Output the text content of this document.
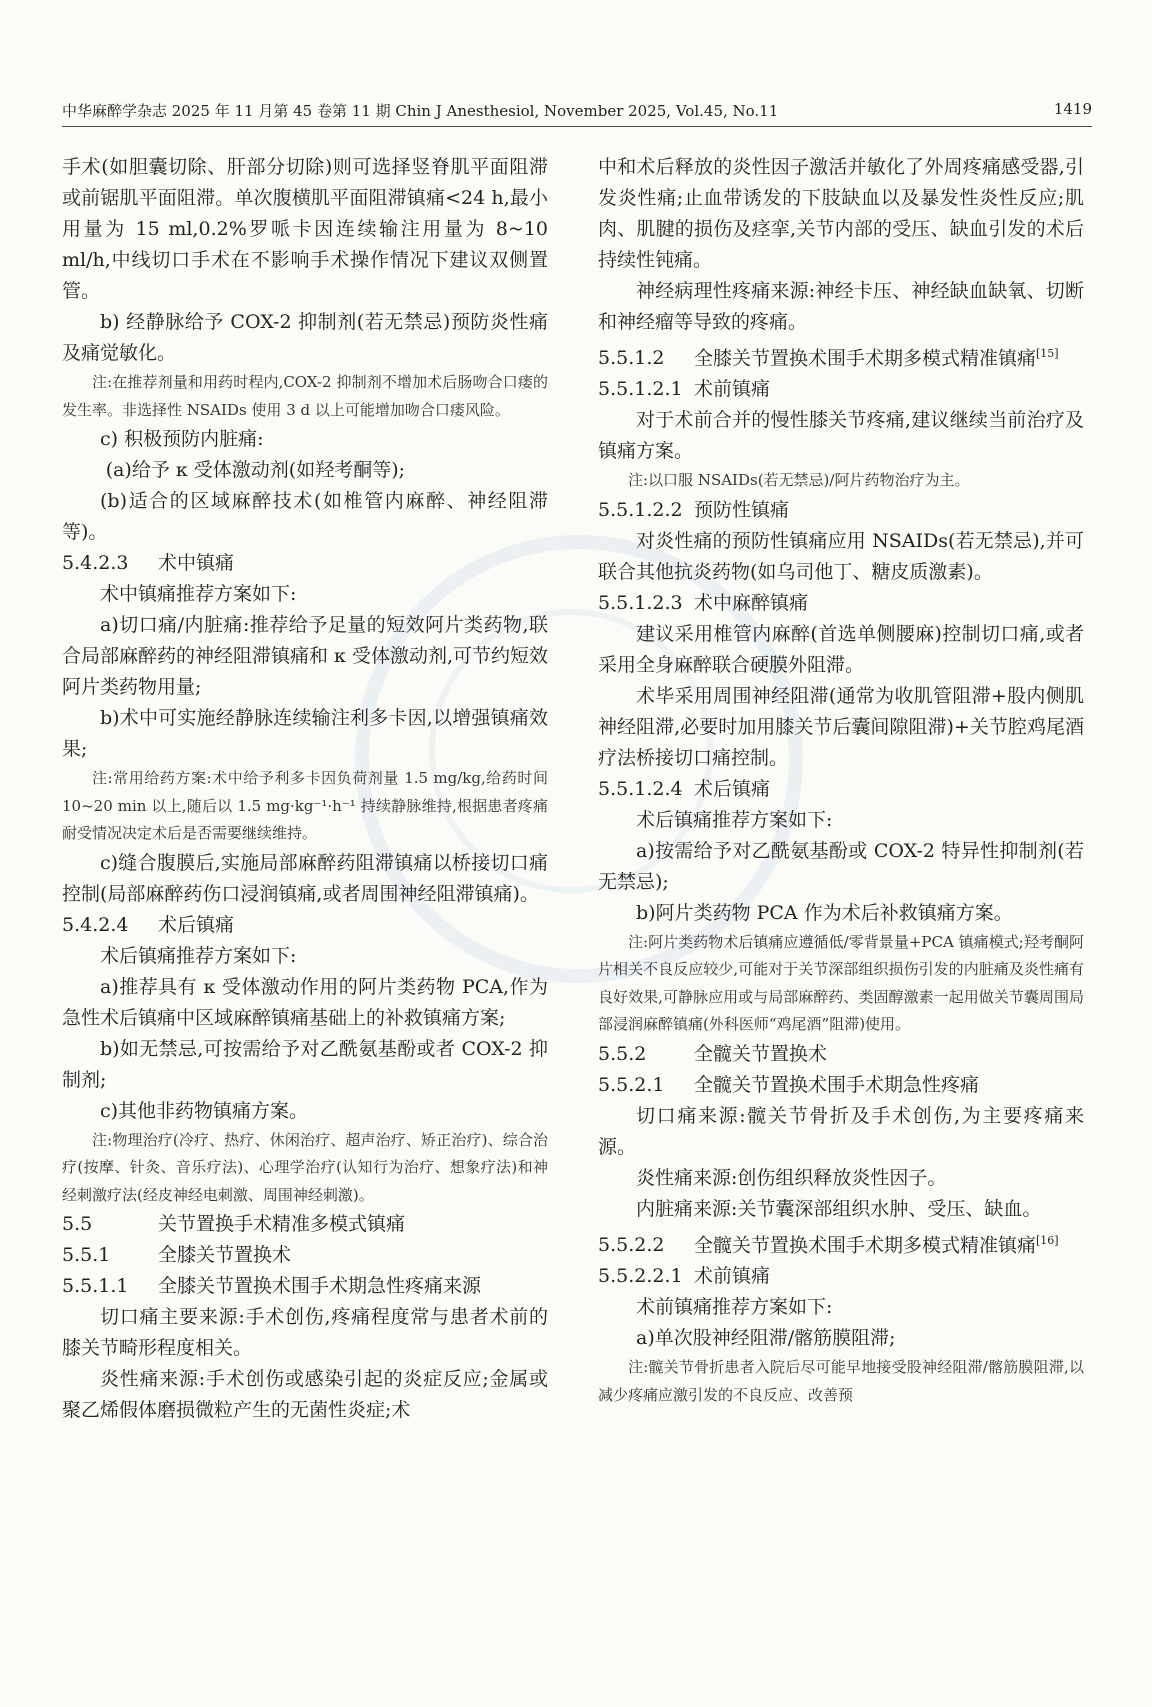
中华麻醉学杂志 2025 年 11 月第 45 卷第 11 期 Chin J Anesthesiol, November 2025, Vol.45, No.11	1419

手术(如胆囊切除、肝部分切除)则可选择竖脊肌平面阻滞或前锯肌平面阻滞。单次腹横肌平面阻滞镇痛<24 h,最小用量为 15 ml,0.2%罗哌卡因连续输注用量为 8~10 ml/h,中线切口手术在不影响手术操作情况下建议双侧置管。

b) 经静脉给予 COX-2 抑制剂(若无禁忌)预防炎性痛及痛觉敏化。

注:在推荐剂量和用药时程内,COX-2 抑制剂不增加术后肠吻合口瘘的发生率。非选择性 NSAIDs 使用 3 d 以上可能增加吻合口瘘风险。

c) 积极预防内脏痛:

(a)给予 κ 受体激动剂(如羟考酮等);

(b)适合的区域麻醉技术(如椎管内麻醉、神经阻滞等)。

5.4.2.3 术中镇痛

术中镇痛推荐方案如下:

a)切口痛/内脏痛:推荐给予足量的短效阿片类药物,联合局部麻醉药的神经阻滞镇痛和 κ 受体激动剂,可节约短效阿片类药物用量;

b)术中可实施经静脉连续输注利多卡因,以增强镇痛效果;

注:常用给药方案:术中给予利多卡因负荷剂量 1.5 mg/kg,给药时间 10~20 min 以上,随后以 1.5 mg·kg⁻¹·h⁻¹ 持续静脉维持,根据患者疼痛耐受情况决定术后是否需要继续维持。

c)缝合腹膜后,实施局部麻醉药阻滞镇痛以桥接切口痛控制(局部麻醉药伤口浸润镇痛,或者周围神经阻滞镇痛)。

5.4.2.4 术后镇痛

术后镇痛推荐方案如下:

a)推荐具有 κ 受体激动作用的阿片类药物 PCA,作为急性术后镇痛中区域麻醉镇痛基础上的补救镇痛方案;

b)如无禁忌,可按需给予对乙酰氨基酚或者 COX-2 抑制剂;

c)其他非药物镇痛方案。

注:物理治疗(冷疗、热疗、休闲治疗、超声治疗、矫正治疗)、综合治疗(按摩、针灸、音乐疗法)、心理学治疗(认知行为治疗、想象疗法)和神经刺激疗法(经皮神经电刺激、周围神经刺激)。

5.5	关节置换手术精准多模式镇痛

5.5.1	全膝关节置换术

5.5.1.1 全膝关节置换术围手术期急性疼痛来源

切口痛主要来源:手术创伤,疼痛程度常与患者术前的膝关节畸形程度相关。

炎性痛来源:手术创伤或感染引起的炎症反应;金属或聚乙烯假体磨损微粒产生的无菌性炎症;术

中和术后释放的炎性因子激活并敏化了外周疼痛感受器,引发炎性痛;止血带诱发的下肢缺血以及暴发性炎性反应;肌肉、肌腱的损伤及痉挛,关节内部的受压、缺血引发的术后持续性钝痛。

神经病理性疼痛来源:神经卡压、神经缺血缺氧、切断和神经瘤等导致的疼痛。

5.5.1.2 全膝关节置换术围手术期多模式精准镇痛[15]

5.5.1.2.1 术前镇痛

对于术前合并的慢性膝关节疼痛,建议继续当前治疗及镇痛方案。

注:以口服 NSAIDs(若无禁忌)/阿片药物治疗为主。

5.5.1.2.2 预防性镇痛

对炎性痛的预防性镇痛应用 NSAIDs(若无禁忌),并可联合其他抗炎药物(如乌司他丁、糖皮质激素)。

5.5.1.2.3 术中麻醉镇痛

建议采用椎管内麻醉(首选单侧腰麻)控制切口痛,或者采用全身麻醉联合硬膜外阻滞。

术毕采用周围神经阻滞(通常为收肌管阻滞+股内侧肌神经阻滞,必要时加用膝关节后囊间隙阻滞)+关节腔鸡尾酒疗法桥接切口痛控制。

5.5.1.2.4 术后镇痛

术后镇痛推荐方案如下:

a)按需给予对乙酰氨基酚或 COX-2 特异性抑制剂(若无禁忌);

b)阿片类药物 PCA 作为术后补救镇痛方案。

注:阿片类药物术后镇痛应遵循低/零背景量+PCA 镇痛模式;羟考酮阿片相关不良反应较少,可能对于关节深部组织损伤引发的内脏痛及炎性痛有良好效果,可静脉应用或与局部麻醉药、类固醇激素一起用做关节囊周围局部浸润麻醉镇痛(外科医师“鸡尾酒”阻滞)使用。

5.5.2	全髋关节置换术

5.5.2.1 全髋关节置换术围手术期急性疼痛

切口痛来源:髋关节骨折及手术创伤,为主要疼痛来源。

炎性痛来源:创伤组织释放炎性因子。

内脏痛来源:关节囊深部组织水肿、受压、缺血。

5.5.2.2 全髋关节置换术围手术期多模式精准镇痛[16]

5.5.2.2.1 术前镇痛

术前镇痛推荐方案如下:

a)单次股神经阻滞/髂筋膜阻滞;

注:髋关节骨折患者入院后尽可能早地接受股神经阻滞/髂筋膜阻滞,以减少疼痛应激引发的不良反应、改善预
